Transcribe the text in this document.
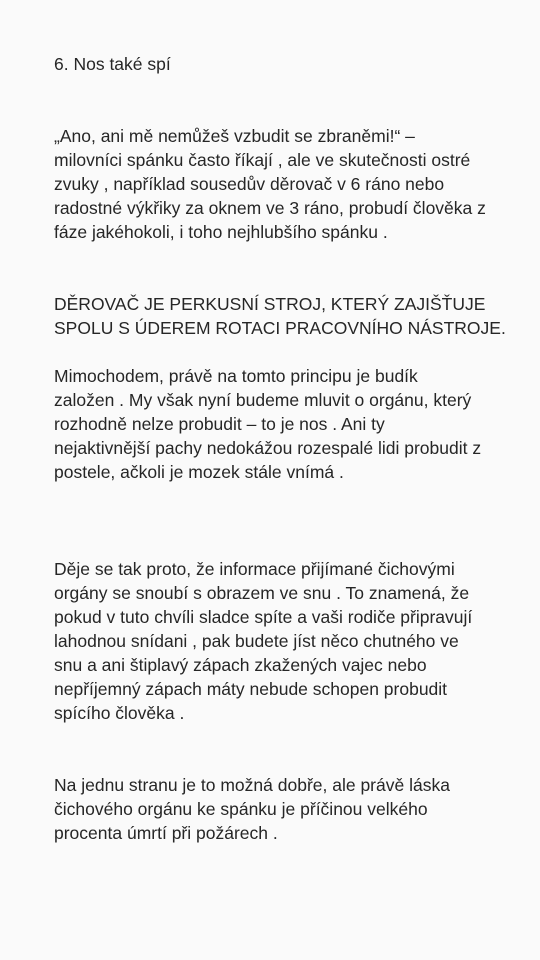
6. Nos také spí

„Ano, ani mě nemůžeš vzbudit se zbraněmi!“ –
milovníci spánku často říkají , ale ve skutečnosti ostré
zvuky , například sousedův děrovač v 6 ráno nebo
radostné výkřiky za oknem ve 3 ráno, probudí člověka z
fáze jakéhokoli, i toho nejhlubšího spánku .

DĚROVAČ JE PERKUSNÍ STROJ, KTERÝ ZAJIŠŤUJE
SPOLU S ÚDEREM ROTACI PRACOVNÍHO NÁSTROJE.

Mimochodem, právě na tomto principu je budík
založen . My však nyní budeme mluvit o orgánu, který
rozhodně nelze probudit – to je nos . Ani ty
nejaktivnější pachy nedokážou rozespalé lidi probudit z
postele, ačkoli je mozek stále vnímá .

Děje se tak proto, že informace přijímané čichovými
orgány se snoubí s obrazem ve snu . To znamená, že
pokud v tuto chvíli sladce spíte a vaši rodiče připravují
lahodnou snídani , pak budete jíst něco chutného ve
snu a ani štiplavý zápach zkažených vajec nebo
nepříjemný zápach máty nebude schopen probudit
spícího člověka .

Na jednu stranu je to možná dobře, ale právě láska
čichového orgánu ke spánku je příčinou velkého
procenta úmrtí při požárech .
